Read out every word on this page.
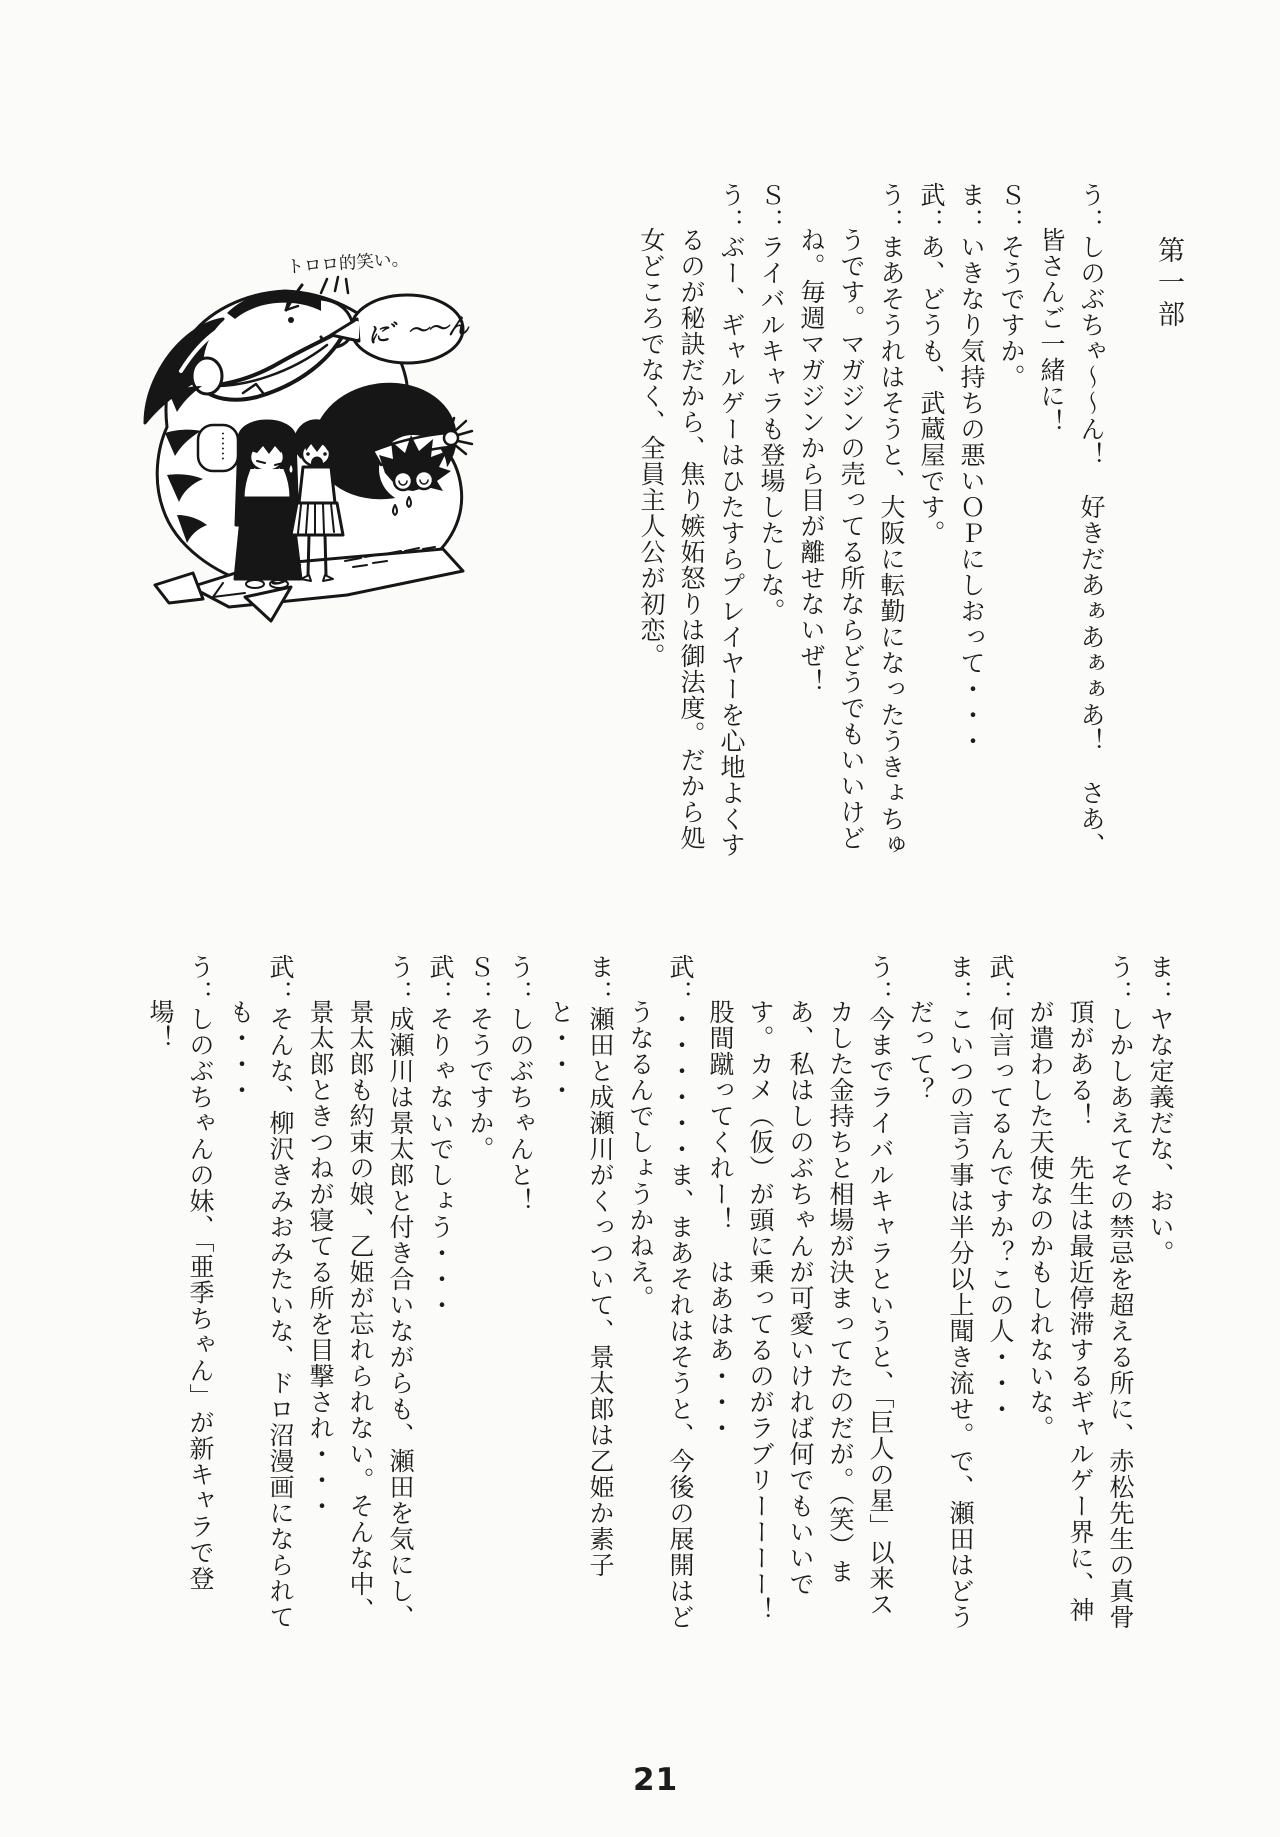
第一部

う：しのぶちゃ～～ん！　好きだあぁあぁぁあ！　さあ、皆さんご一緒に！

Ｓ：そうですか。

ま：いきなり気持ちの悪いＯＰにしおって・・・

武：あ、どうも、武蔵屋です。

う：まあそうれはそうと、大阪に転勤になったうきょちゅうです。マガジンの売ってる所ならどうでもいいけどね。毎週マガジンから目が離せないぜ！

Ｓ：ライバルキャラも登場したしな。

う：ぶー、ギャルゲーはひたすらプレイヤーを心地よくするのが秘訣だから、焦り嫉妬怒りは御法度。だから処女どころでなく、全員主人公が初恋。

……
に゛～～ん
トロロ的笑い。

ま：ヤな定義だな、おい。

う：しかしあえてその禁忌を超える所に、赤松先生の真骨頂がある！　先生は最近停滞するギャルゲー界に、神が遣わした天使なのかもしれないな。

武：何言ってるんですか？この人・・・

ま：こいつの言う事は半分以上聞き流せ。で、瀬田はどうだって？

う：今までライバルキャラというと、「巨人の星」以来スカした金持ちと相場が決まってたのだが。（笑）まあ、私はしのぶちゃんが可愛いければ何でもいいです。カメ（仮）が頭に乗ってるのがラブリーーーー！　股間蹴ってくれー！　はあはあ・・・

武：・・・・・・ま、まあそれはそうと、今後の展開はどうなるんでしょうかねえ。

ま：瀬田と成瀬川がくっついて、景太郎は乙姫か素子と・・・

う：しのぶちゃんと！

Ｓ：そうですか。

武：そりゃないでしょう・・・

う：成瀬川は景太郎と付き合いながらも、瀬田を気にし、景太郎も約束の娘、乙姫が忘れられない。そんな中、景太郎ときつねが寝てる所を目撃され・・・

武：そんな、柳沢きみおみたいな、ドロ沼漫画になられても・・・

う：しのぶちゃんの妹、「亜季ちゃん」が新キャラで登場！

21
